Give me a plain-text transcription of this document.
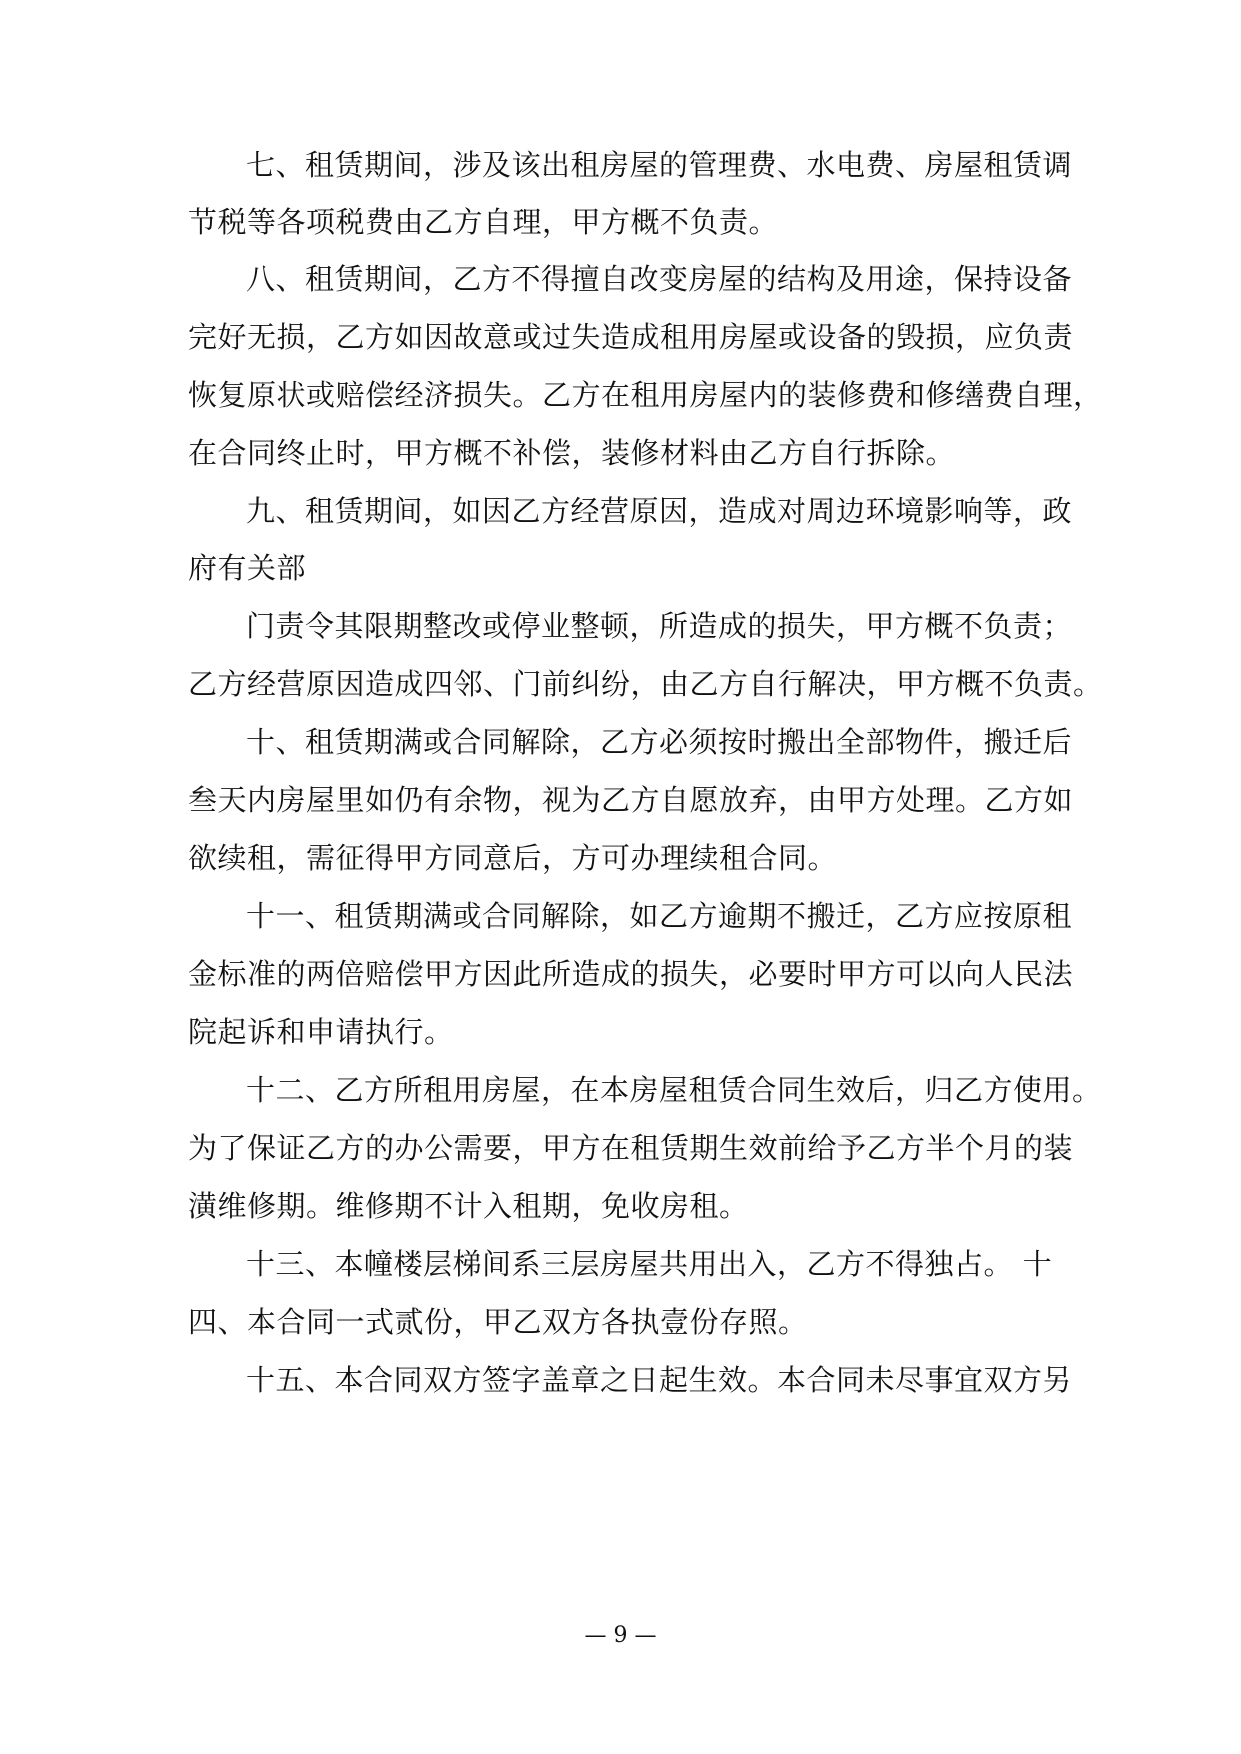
七、租赁期间，涉及该出租房屋的管理费、水电费、房屋租赁调
节税等各项税费由乙方自理，甲方概不负责。
八、租赁期间，乙方不得擅自改变房屋的结构及用途，保持设备
完好无损，乙方如因故意或过失造成租用房屋或设备的毁损，应负责
恢复原状或赔偿经济损失。乙方在租用房屋内的装修费和修缮费自理，
在合同终止时，甲方概不补偿，装修材料由乙方自行拆除。
九、租赁期间，如因乙方经营原因，造成对周边环境影响等，政
府有关部
门责令其限期整改或停业整顿，所造成的损失，甲方概不负责；
乙方经营原因造成四邻、门前纠纷，由乙方自行解决，甲方概不负责。
十、租赁期满或合同解除，乙方必须按时搬出全部物件，搬迁后
叁天内房屋里如仍有余物，视为乙方自愿放弃，由甲方处理。乙方如
欲续租，需征得甲方同意后，方可办理续租合同。
十一、租赁期满或合同解除，如乙方逾期不搬迁，乙方应按原租
金标准的两倍赔偿甲方因此所造成的损失，必要时甲方可以向人民法
院起诉和申请执行。
十二、乙方所租用房屋，在本房屋租赁合同生效后，归乙方使用。
为了保证乙方的办公需要，甲方在租赁期生效前给予乙方半个月的装
潢维修期。维修期不计入租期，免收房租。
十三、本幢楼层梯间系三层房屋共用出入，乙方不得独占。 十
四、本合同一式贰份，甲乙双方各执壹份存照。
十五、本合同双方签字盖章之日起生效。本合同未尽事宜双方另
— 9 —
